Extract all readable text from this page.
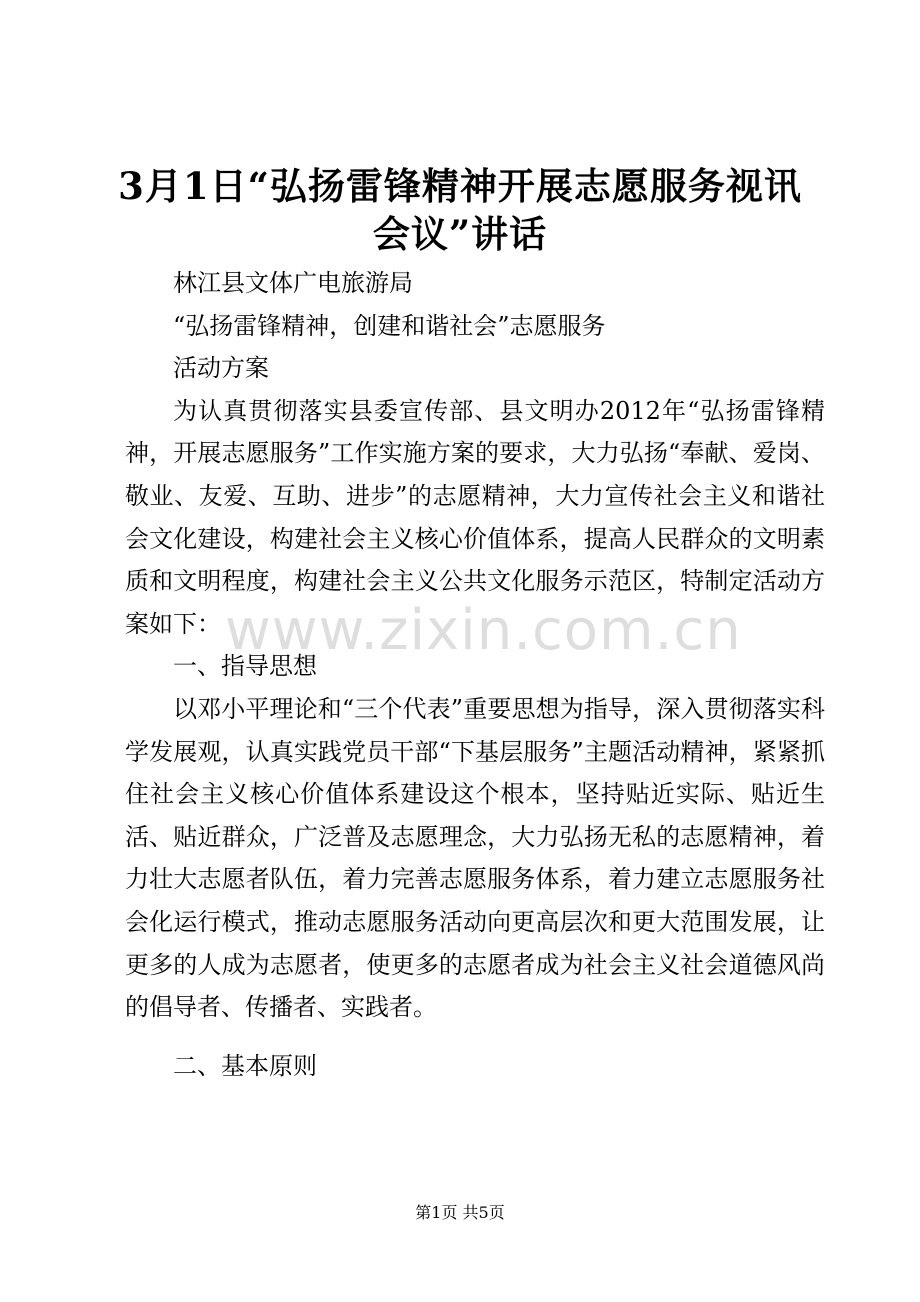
3月1日“弘扬雷锋精神开展志愿服务视讯会议”讲话

林江县文体广电旅游局

“弘扬雷锋精神，创建和谐社会”志愿服务

活动方案

为认真贯彻落实县委宣传部、县文明办2012年“弘扬雷锋精神，开展志愿服务”工作实施方案的要求，大力弘扬“奉献、爱岗、敬业、友爱、互助、进步”的志愿精神，大力宣传社会主义和谐社会文化建设，构建社会主义核心价值体系，提高人民群众的文明素质和文明程度，构建社会主义公共文化服务示范区，特制定活动方案如下：

一、指导思想

以邓小平理论和“三个代表”重要思想为指导，深入贯彻落实科学发展观，认真实践党员干部“下基层服务”主题活动精神，紧紧抓住社会主义核心价值体系建设这个根本，坚持贴近实际、贴近生活、贴近群众，广泛普及志愿理念，大力弘扬无私的志愿精神，着力壮大志愿者队伍，着力完善志愿服务体系，着力建立志愿服务社会化运行模式，推动志愿服务活动向更高层次和更大范围发展，让更多的人成为志愿者，使更多的志愿者成为社会主义社会道德风尚的倡导者、传播者、实践者。

二、基本原则

www.zixin.com.cn
第1页 共5页
